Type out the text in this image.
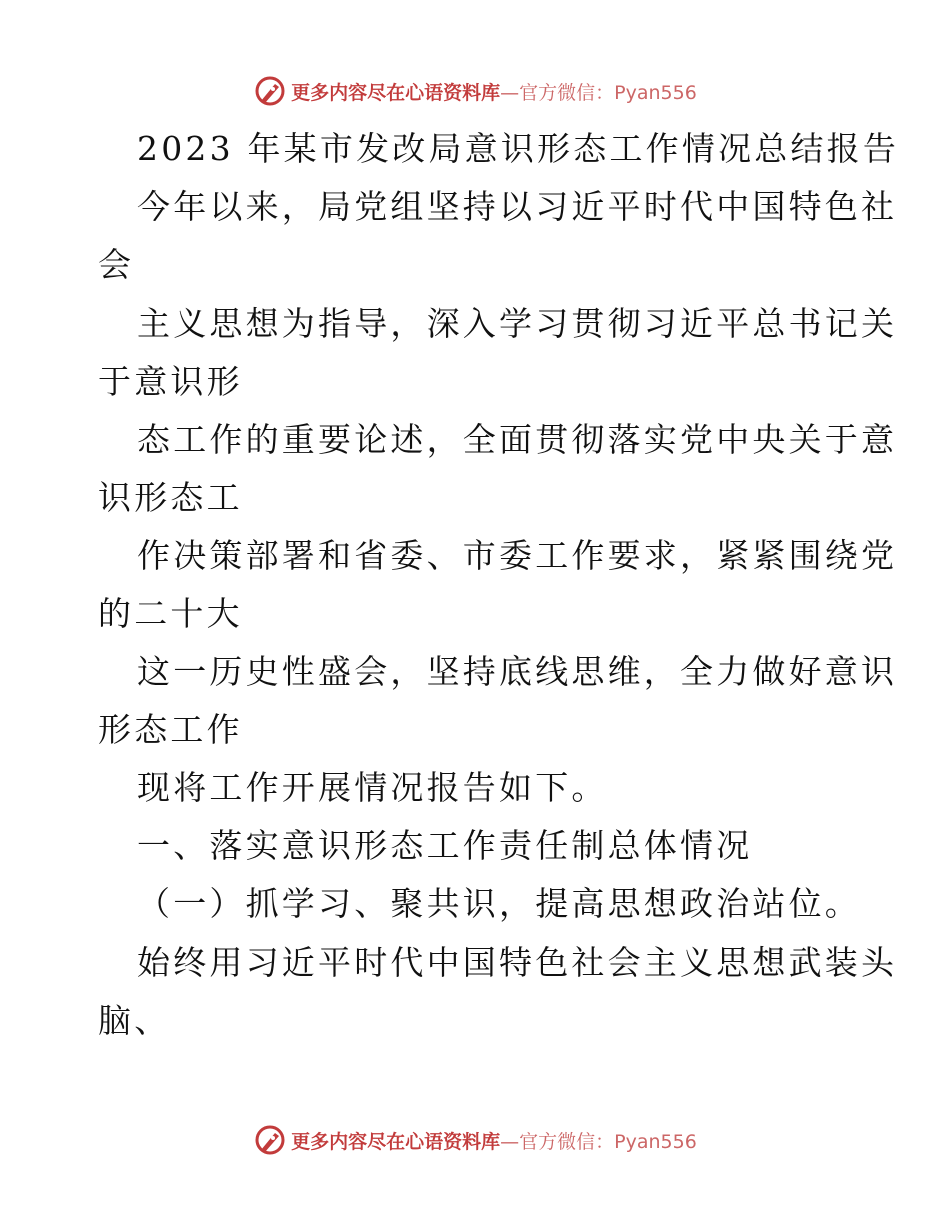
更多内容尽在心语资料库 —官方微信：Pyan556
2023 年某市发改局意识形态工作情况总结报告
今年以来，局党组坚持以习近平时代中国特色社
会
主义思想为指导，深入学习贯彻习近平总书记关
于意识形
态工作的重要论述，全面贯彻落实党中央关于意
识形态工
作决策部署和省委、市委工作要求，紧紧围绕党
的二十大
这一历史性盛会，坚持底线思维，全力做好意识
形态工作
现将工作开展情况报告如下。
一、落实意识形态工作责任制总体情况
（一）抓学习、聚共识，提高思想政治站位。
始终用习近平时代中国特色社会主义思想武装头
脑、
更多内容尽在心语资料库 —官方微信：Pyan556
